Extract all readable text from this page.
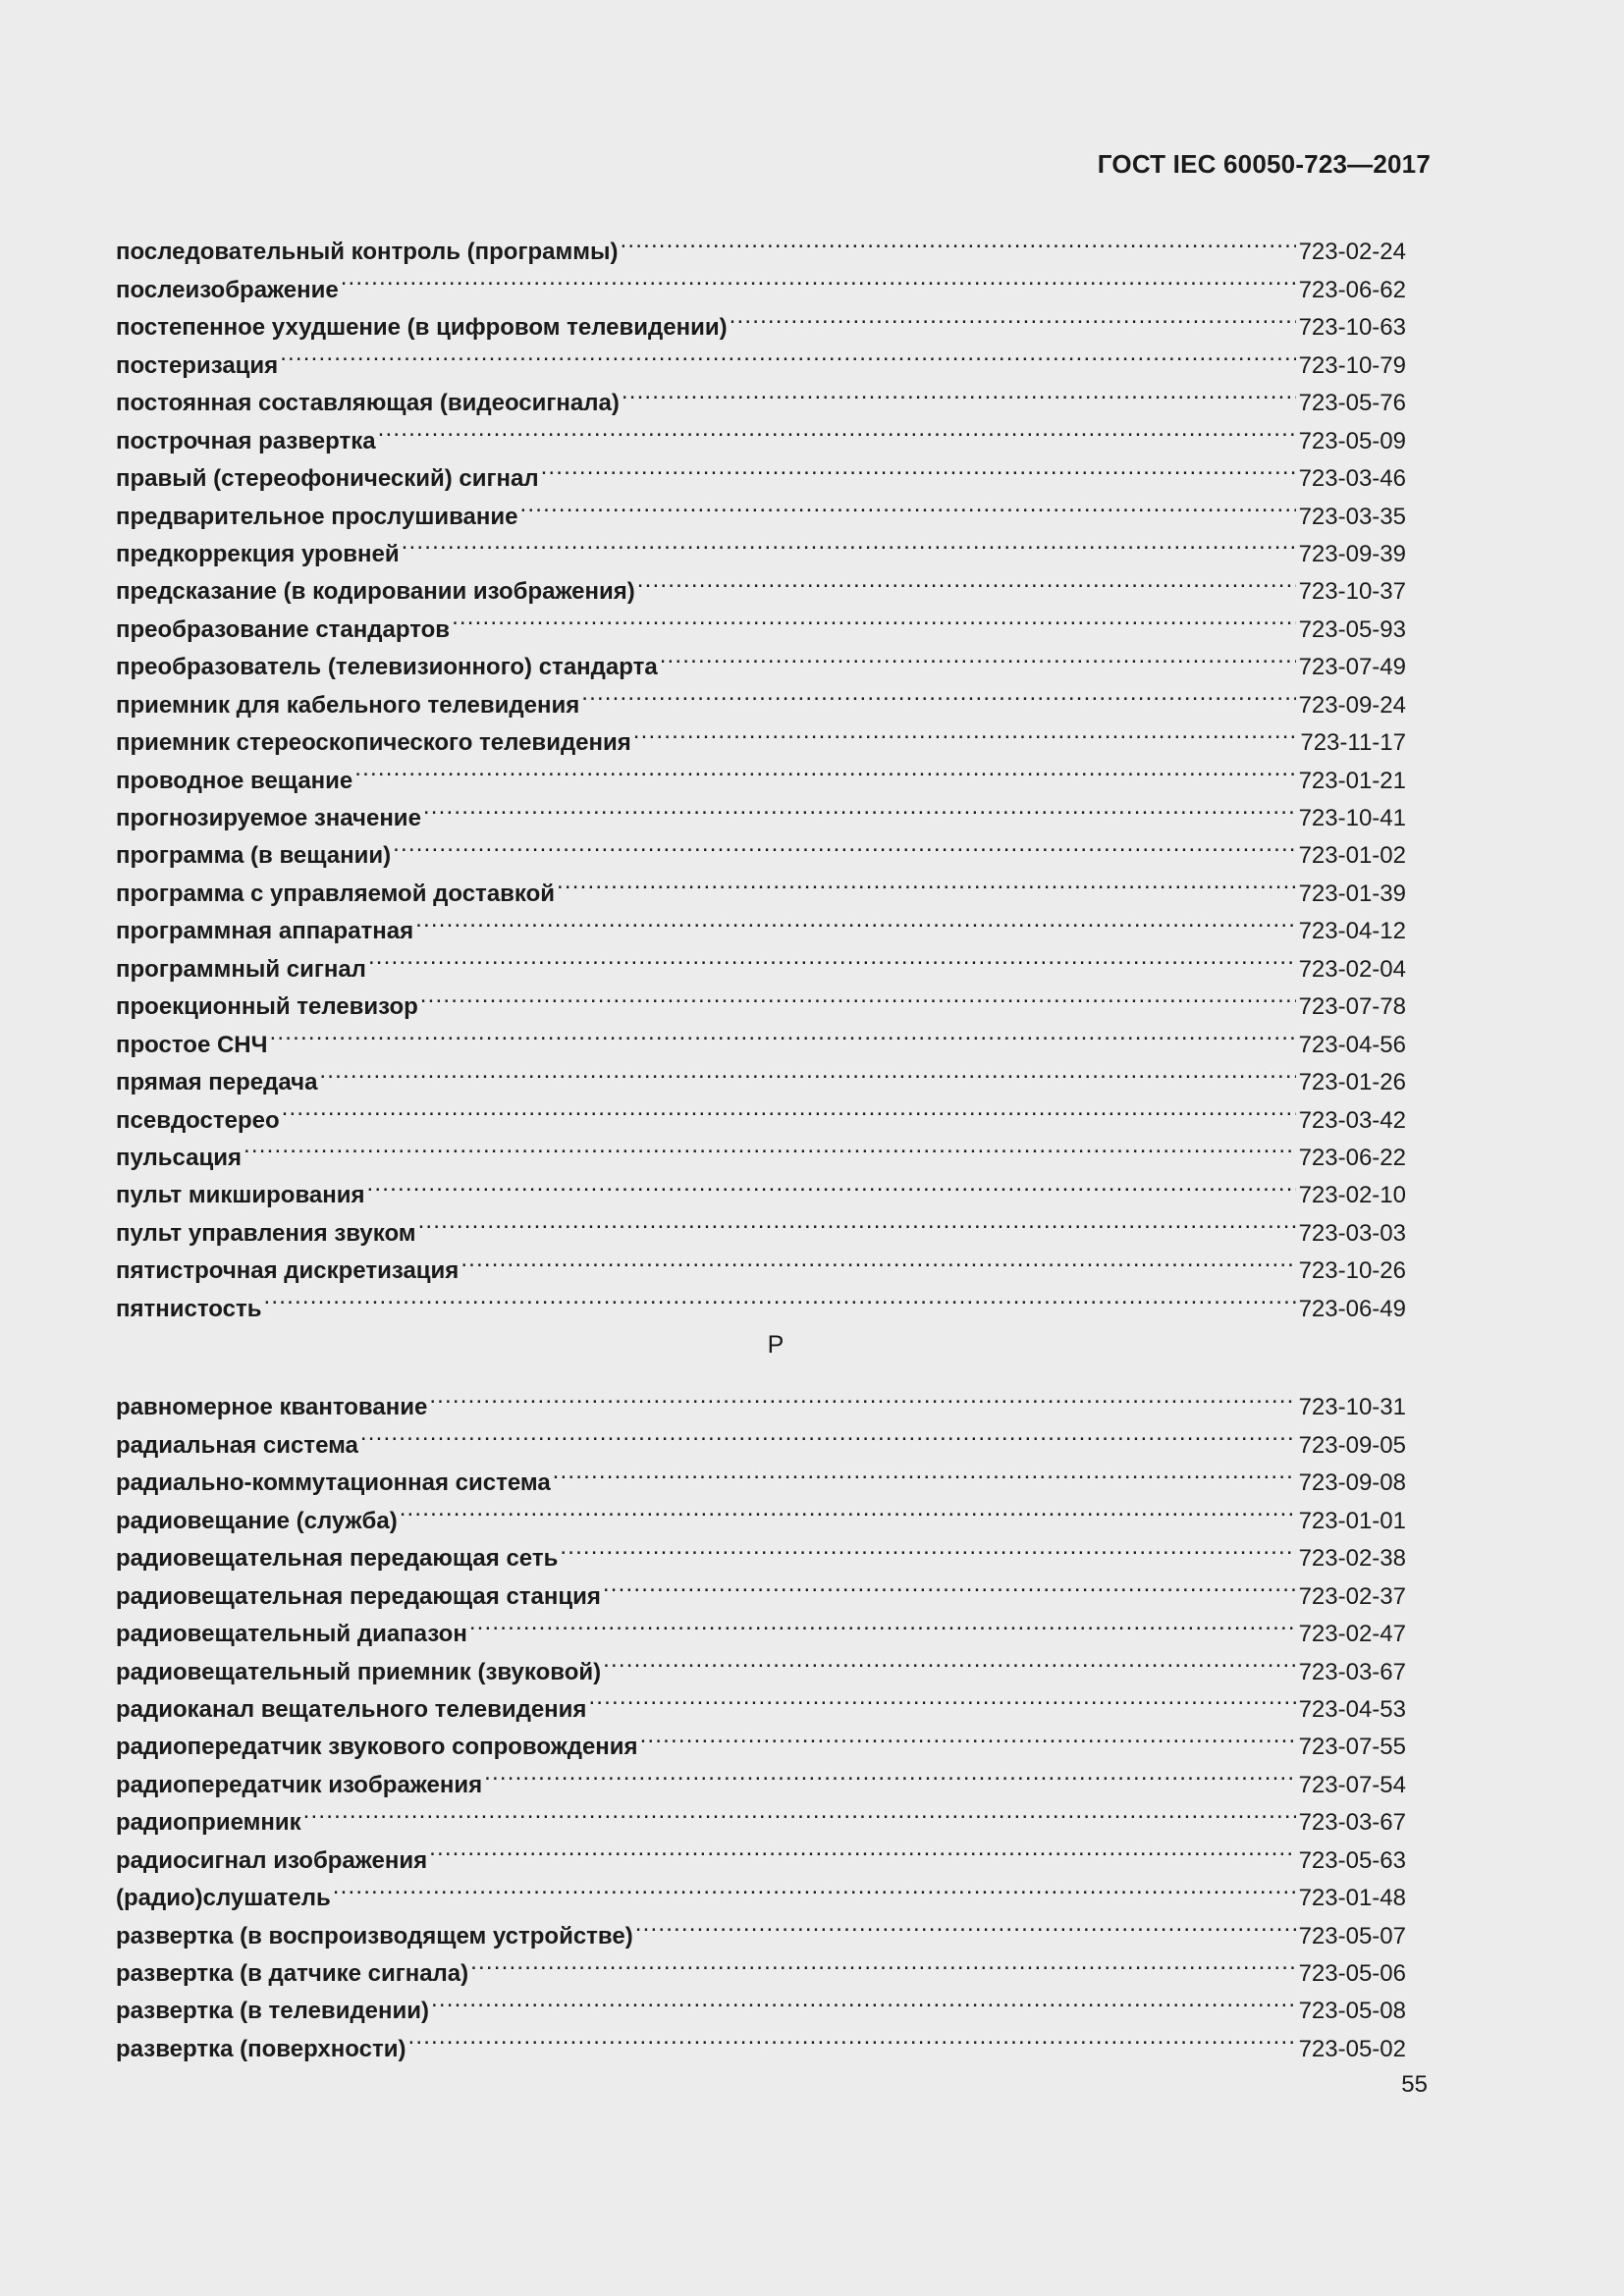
ГОСТ IEC 60050-723—2017
последовательный контроль (программы) .....	723-02-24
послеизображение .....	723-06-62
постепенное ухудшение (в цифровом телевидении) .....	723-10-63
постеризация .....	723-10-79
постоянная составляющая (видеосигнала) .....	723-05-76
построчная развертка .....	723-05-09
правый (стереофонический) сигнал .....	723-03-46
предварительное прослушивание .....	723-03-35
предкоррекция уровней .....	723-09-39
предсказание (в кодировании изображения) .....	723-10-37
преобразование стандартов .....	723-05-93
преобразователь (телевизионного) стандарта .....	723-07-49
приемник для кабельного телевидения .....	723-09-24
приемник стереоскопического телевидения .....	723-11-17
проводное вещание .....	723-01-21
прогнозируемое значение .....	723-10-41
программа (в вещании) .....	723-01-02
программа с управляемой доставкой .....	723-01-39
программная аппаратная .....	723-04-12
программный сигнал .....	723-02-04
проекционный телевизор .....	723-07-78
простое СНЧ .....	723-04-56
прямая передача .....	723-01-26
псевдостерео .....	723-03-42
пульсация .....	723-06-22
пульт микширования .....	723-02-10
пульт управления звуком .....	723-03-03
пятистрочная дискретизация .....	723-10-26
пятнистость .....	723-06-49
Р
равномерное квантование .....	723-10-31
радиальная система .....	723-09-05
радиально-коммутационная система .....	723-09-08
радиовещание (служба) .....	723-01-01
радиовещательная передающая сеть .....	723-02-38
радиовещательная передающая станция .....	723-02-37
радиовещательный диапазон .....	723-02-47
радиовещательный приемник (звуковой) .....	723-03-67
радиоканал вещательного телевидения .....	723-04-53
радиопередатчик звукового сопровождения .....	723-07-55
радиопередатчик изображения .....	723-07-54
радиоприемник .....	723-03-67
радиосигнал изображения .....	723-05-63
(радио)слушатель .....	723-01-48
развертка (в воспроизводящем устройстве) .....	723-05-07
развертка (в датчике сигнала) .....	723-05-06
развертка (в телевидении) .....	723-05-08
развертка (поверхности) .....	723-05-02
55
